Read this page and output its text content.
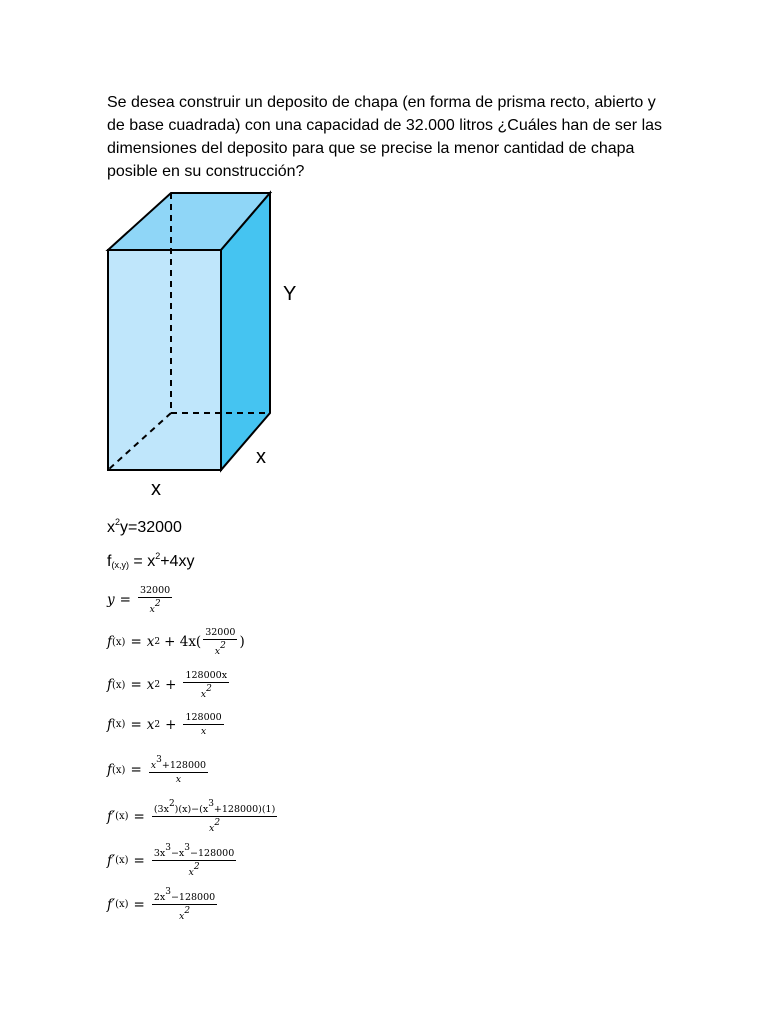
Se desea construir un deposito de chapa (en forma de prisma recto, abierto y de base cuadrada) con una capacidad de 32.000 litros ¿Cuáles han de ser las dimensiones del deposito para que se precise la menor cantidad de chapa posible en su construcción?

Y
x
x
$x^2y=32000$
$f_{(x,y)} = x^2+4xy$
$y = \frac{32000}{x^2}$
f (x) = x $2 + 4x( \frac{32000}{x^2}$ )
f (x) = x $2 + \frac{128000x}{x^2}$
f (x) = x $2 + \frac{128000}{x}$
f $(x) = \frac{x^3+128000}{x}$
f′ $(x) = \frac{(3x^2)(x)-(x^3+128000)(1)}{x^2}$
f′ $(x) = \frac{3x^3-x^3-128000}{x^2}$
f′ $(x) = \frac{2x^3-128000}{x^2}$
